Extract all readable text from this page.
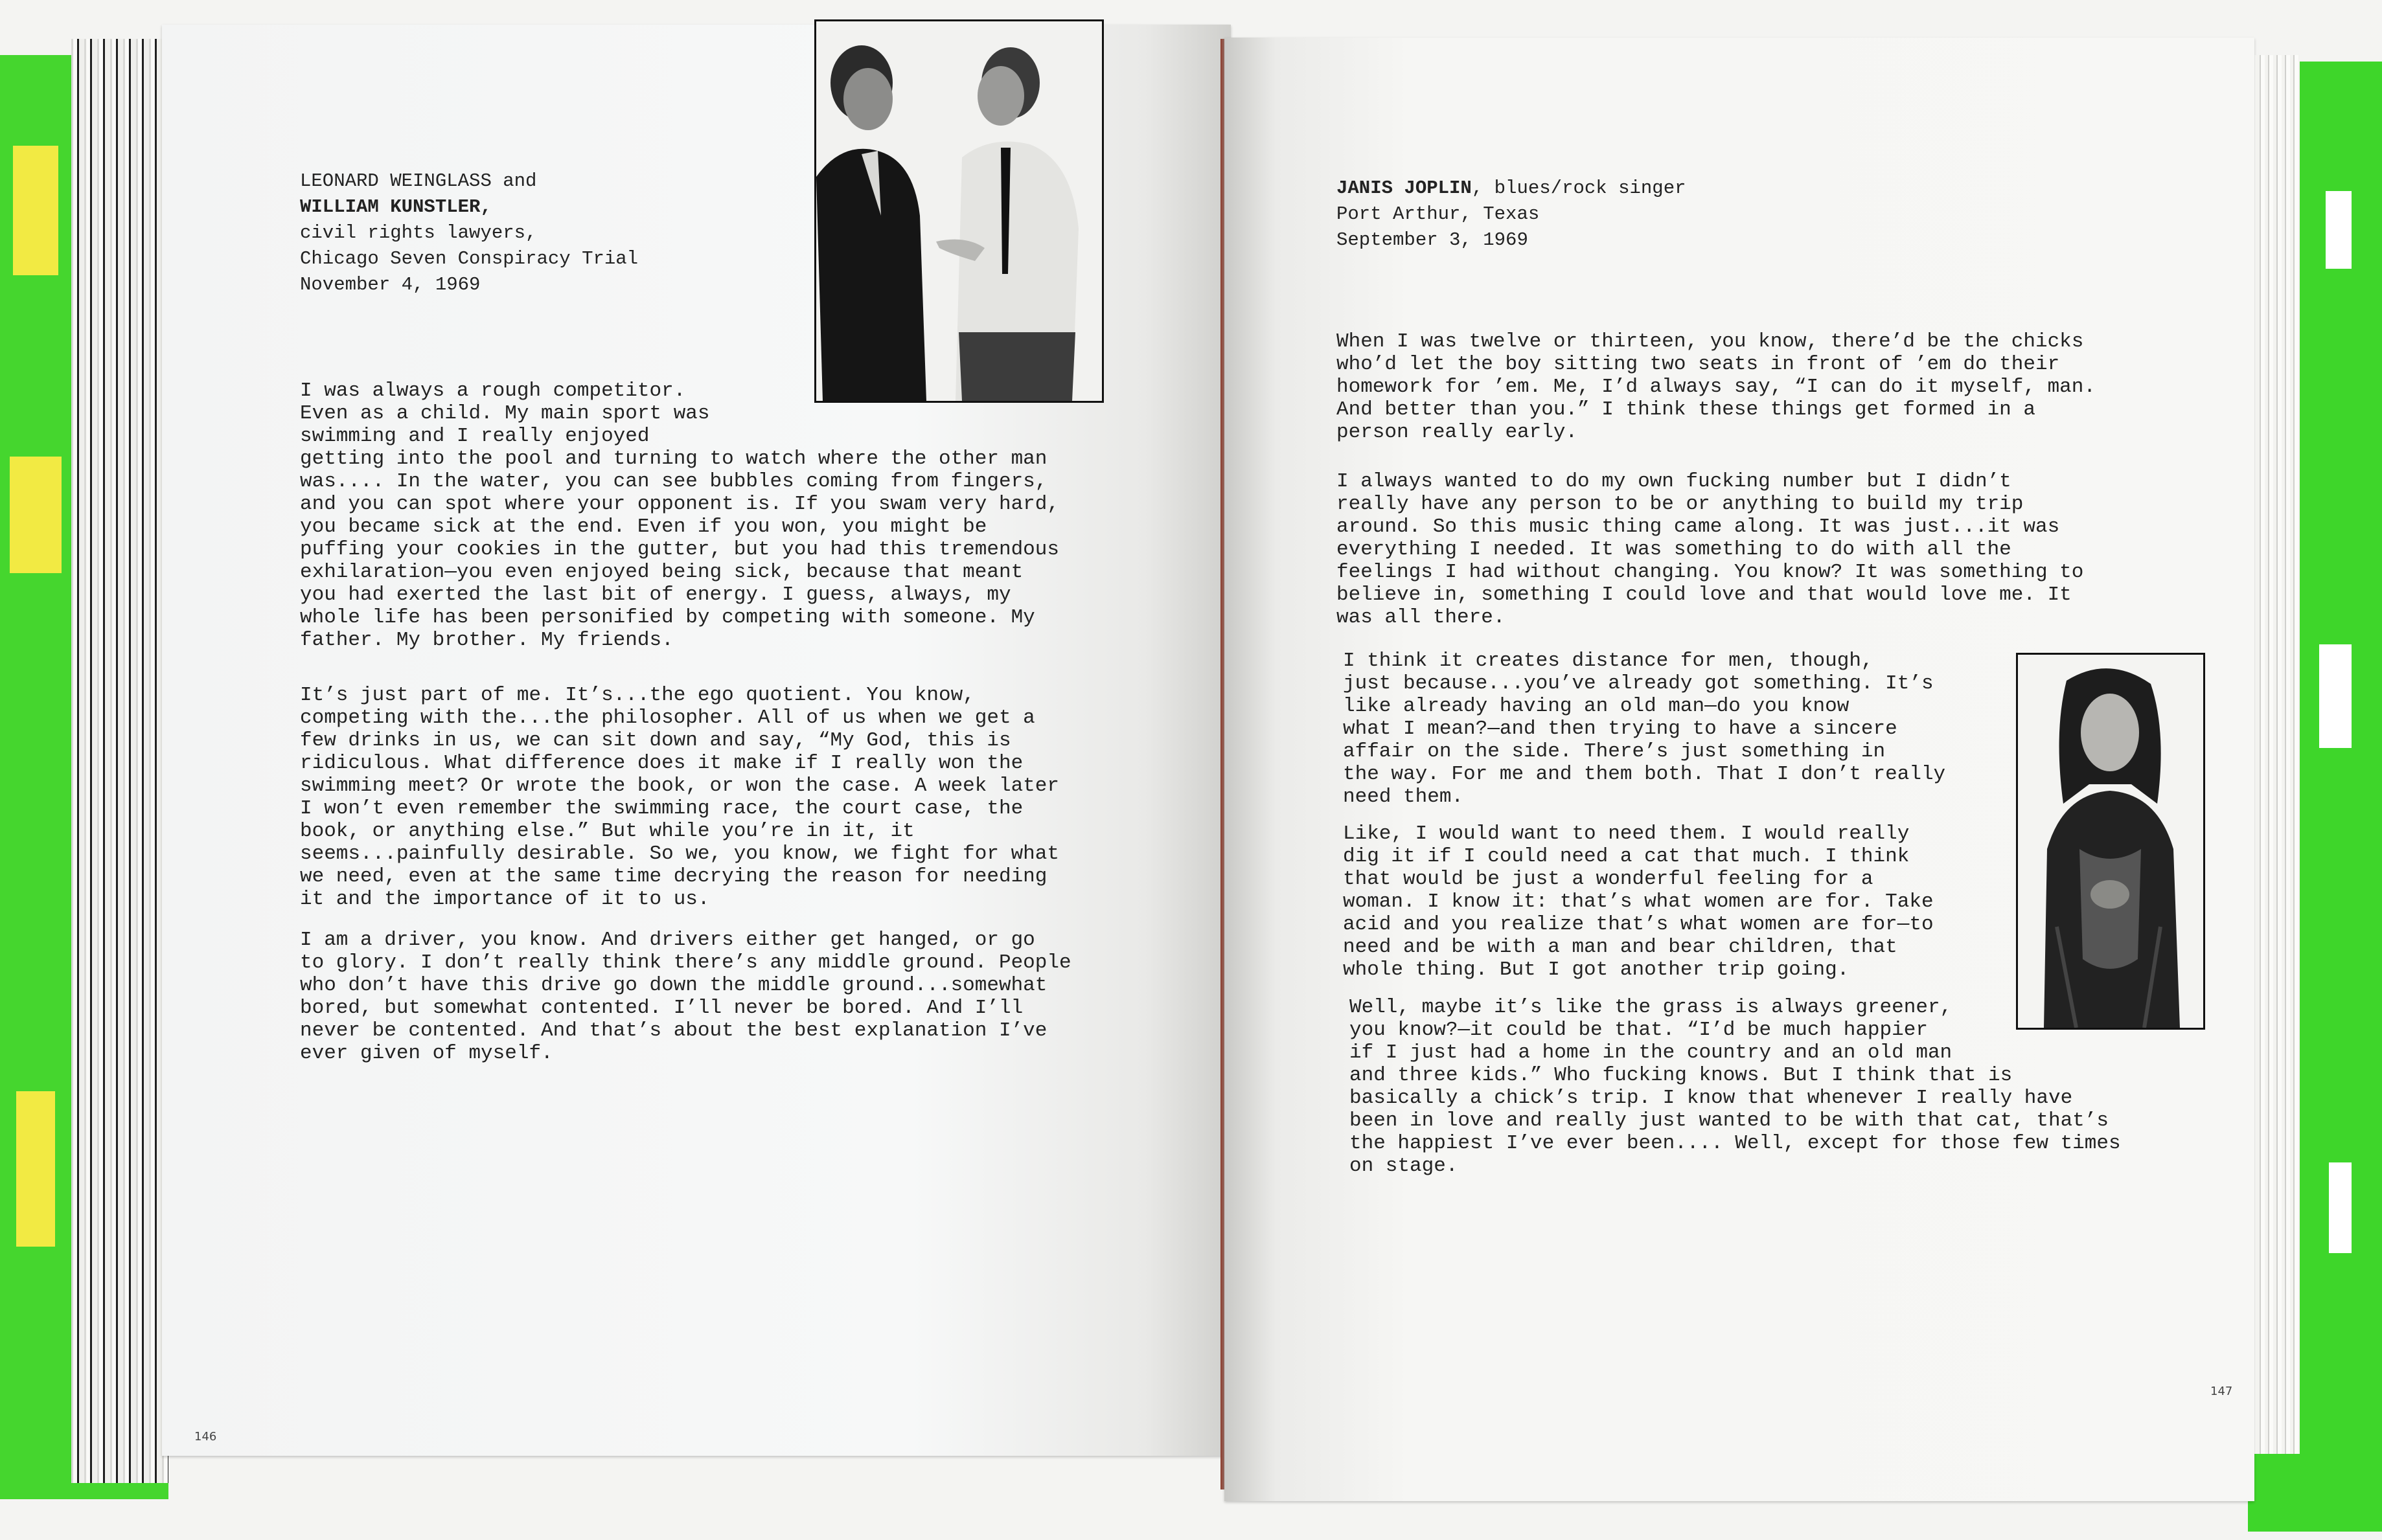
LEONARD WEINGLASS and
WILLIAM KUNSTLER,
civil rights lawyers,
Chicago Seven Conspiracy Trial
November 4, 1969
I was always a rough competitor.
Even as a child. My main sport was
swimming and I really enjoyed
getting into the pool and turning to watch where the other man
was.... In the water, you can see bubbles coming from fingers,
and you can spot where your opponent is. If you swam very hard,
you became sick at the end. Even if you won, you might be
puffing your cookies in the gutter, but you had this tremendous
exhilaration—you even enjoyed being sick, because that meant
you had exerted the last bit of energy. I guess, always, my
whole life has been personified by competing with someone. My
father. My brother. My friends.
It’s just part of me. It’s...the ego quotient. You know,
competing with the...the philosopher. All of us when we get a
few drinks in us, we can sit down and say, “My God, this is
ridiculous. What difference does it make if I really won the
swimming meet? Or wrote the book, or won the case. A week later
I won’t even remember the swimming race, the court case, the
book, or anything else.” But while you’re in it, it
seems...painfully desirable. So we, you know, we fight for what
we need, even at the same time decrying the reason for needing
it and the importance of it to us.
I am a driver, you know. And drivers either get hanged, or go
to glory. I don’t really think there’s any middle ground. People
who don’t have this drive go down the middle ground...somewhat
bored, but somewhat contented. I’ll never be bored. And I’ll
never be contented. And that’s about the best explanation I’ve
ever given of myself.
146
JANIS JOPLIN, blues/rock singer
Port Arthur, Texas
September 3, 1969
When I was twelve or thirteen, you know, there’d be the chicks
who’d let the boy sitting two seats in front of ’em do their
homework for ’em. Me, I’d always say, “I can do it myself, man.
And better than you.” I think these things get formed in a
person really early.
I always wanted to do my own fucking number but I didn’t
really have any person to be or anything to build my trip
around. So this music thing came along. It was just...it was
everything I needed. It was something to do with all the
feelings I had without changing. You know? It was something to
believe in, something I could love and that would love me. It
was all there.
I think it creates distance for men, though,
just because...you’ve already got something. It’s
like already having an old man—do you know
what I mean?—and then trying to have a sincere
affair on the side. There’s just something in
the way. For me and them both. That I don’t really
need them.
Like, I would want to need them. I would really
dig it if I could need a cat that much. I think
that would be just a wonderful feeling for a
woman. I know it: that’s what women are for. Take
acid and you realize that’s what women are for—to
need and be with a man and bear children, that
whole thing. But I got another trip going.
Well, maybe it’s like the grass is always greener,
you know?—it could be that. “I’d be much happier
if I just had a home in the country and an old man
and three kids.” Who fucking knows. But I think that is
basically a chick’s trip. I know that whenever I really have
been in love and really just wanted to be with that cat, that’s
the happiest I’ve ever been.... Well, except for those few times
on stage.
147
